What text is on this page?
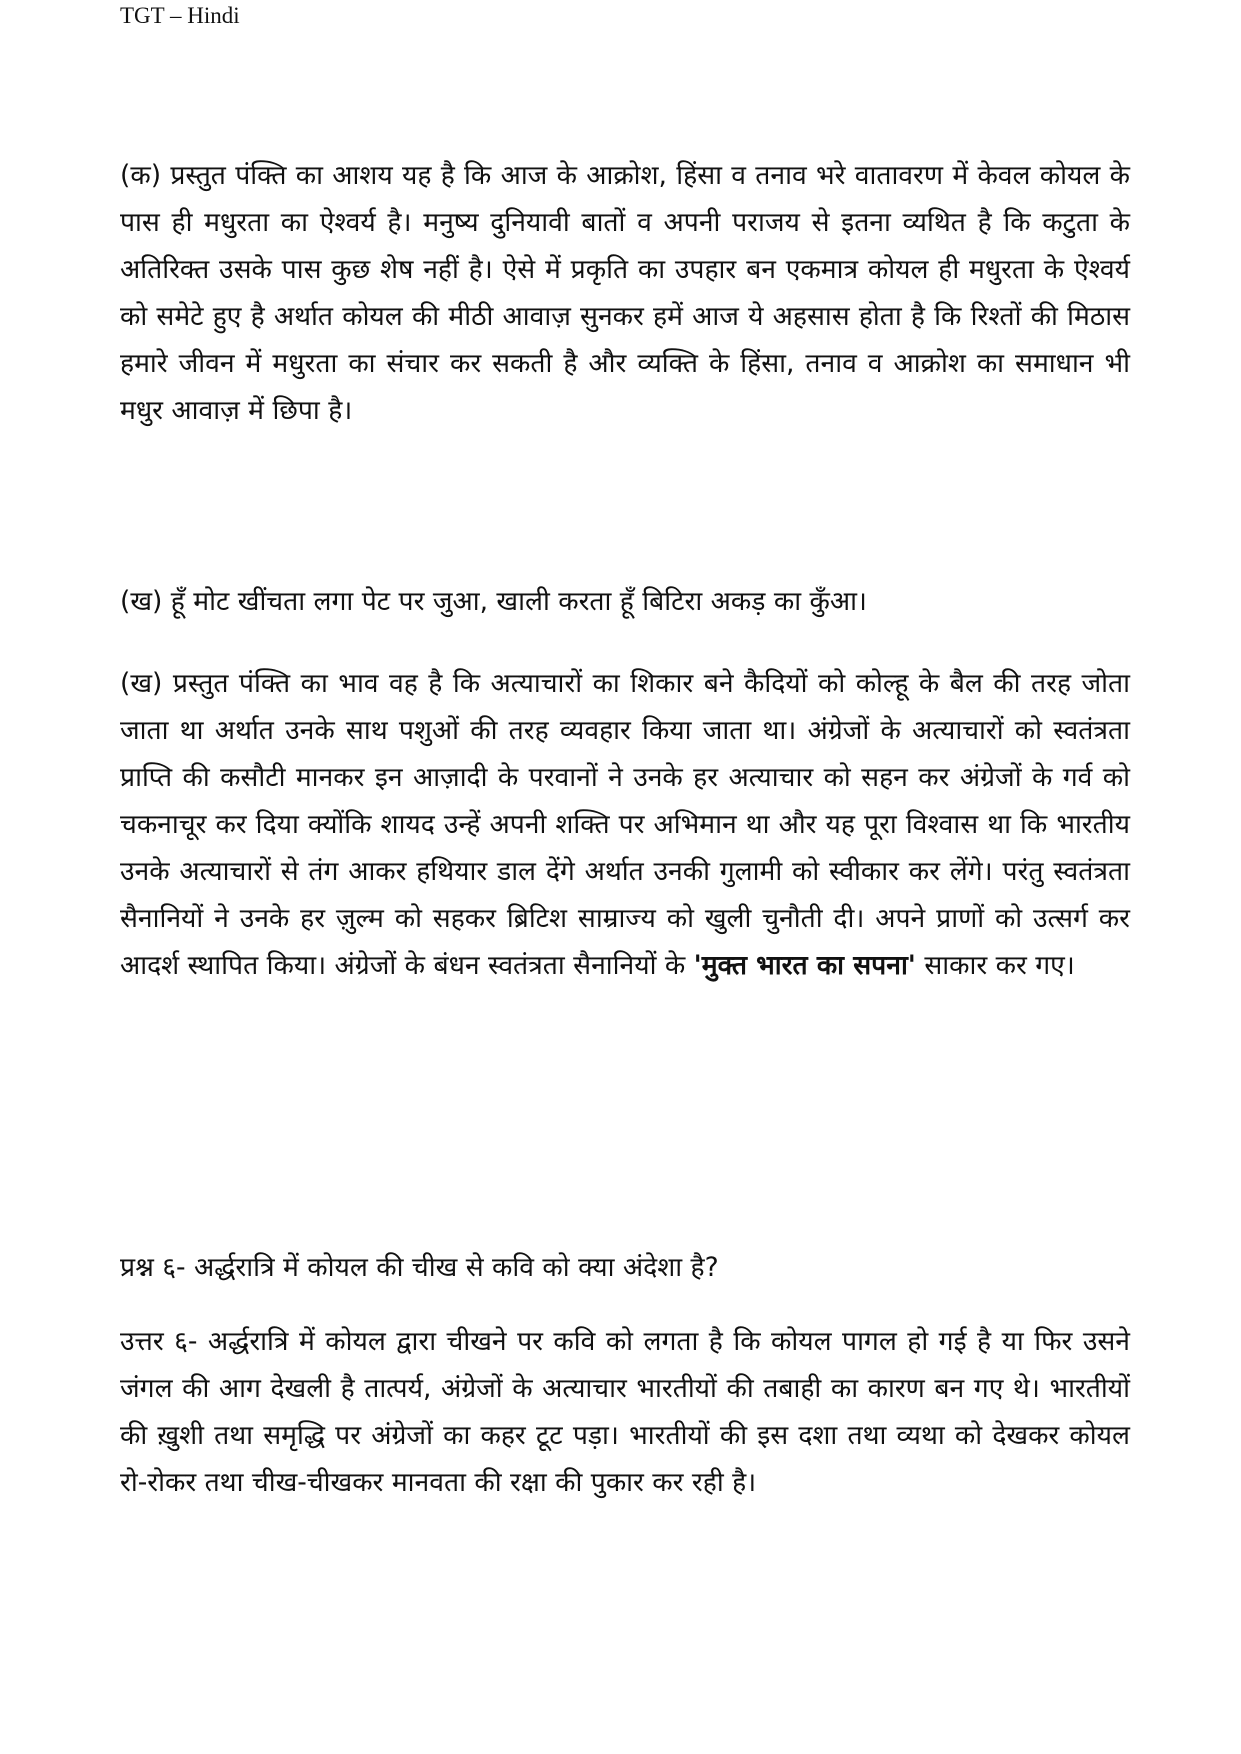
TGT – Hindi

(क) प्रस्तुत पंक्ति का आशय यह है कि आज के आक्रोश, हिंसा व तनाव भरे वातावरण में केवल कोयल के पास ही मधुरता का ऐश्वर्य है। मनुष्य दुनियावी बातों व अपनी पराजय से इतना व्यथित है कि कटुता के अतिरिक्त उसके पास कुछ शेष नहीं है। ऐसे में प्रकृति का उपहार बन एकमात्र कोयल ही मधुरता के ऐश्वर्य को समेटे हुए है अर्थात कोयल की मीठी आवाज़ सुनकर हमें आज ये अहसास होता है कि रिश्तों की मिठास हमारे जीवन में मधुरता का संचार कर सकती है और व्यक्ति के हिंसा, तनाव व आक्रोश का समाधान भी मधुर आवाज़ में छिपा है।

(ख) हूँ मोट खींचता लगा पेट पर जुआ, खाली करता हूँ बिटिरा अकड़ का कुँआ।

(ख) प्रस्तुत पंक्ति का भाव वह है कि अत्याचारों का शिकार बने कैदियों को कोल्हू के बैल की तरह जोता जाता था अर्थात उनके साथ पशुओं की तरह व्यवहार किया जाता था। अंग्रेजों के अत्याचारों को स्वतंत्रता प्राप्ति की कसौटी मानकर इन आज़ादी के परवानों ने उनके हर अत्याचार को सहन कर अंग्रेजों के गर्व को चकनाचूर कर दिया क्योंकि शायद उन्हें अपनी शक्ति पर अभिमान था और यह पूरा विश्वास था कि भारतीय उनके अत्याचारों से तंग आकर हथियार डाल देंगे अर्थात उनकी गुलामी को स्वीकार कर लेंगे। परंतु स्वतंत्रता सैनानियों ने उनके हर ज़ुल्म को सहकर ब्रिटिश साम्राज्य को खुली चुनौती दी। अपने प्राणों को उत्सर्ग कर आदर्श स्थापित किया। अंग्रेजों के बंधन स्वतंत्रता सैनानियों के 'मुक्त भारत का सपना' साकार कर गए।

प्रश्न ६- अर्द्धरात्रि में कोयल की चीख से कवि को क्या अंदेशा है?

उत्तर ६- अर्द्धरात्रि में कोयल द्वारा चीखने पर कवि को लगता है कि कोयल पागल हो गई है या फिर उसने जंगल की आग देखली है तात्पर्य, अंग्रेजों के अत्याचार भारतीयों की तबाही का कारण बन गए थे। भारतीयों की ख़ुशी तथा समृद्धि पर अंग्रेजों का कहर टूट पड़ा। भारतीयों की इस दशा तथा व्यथा को देखकर कोयल रो-रोकर तथा चीख-चीखकर मानवता की रक्षा की पुकार कर रही है।
